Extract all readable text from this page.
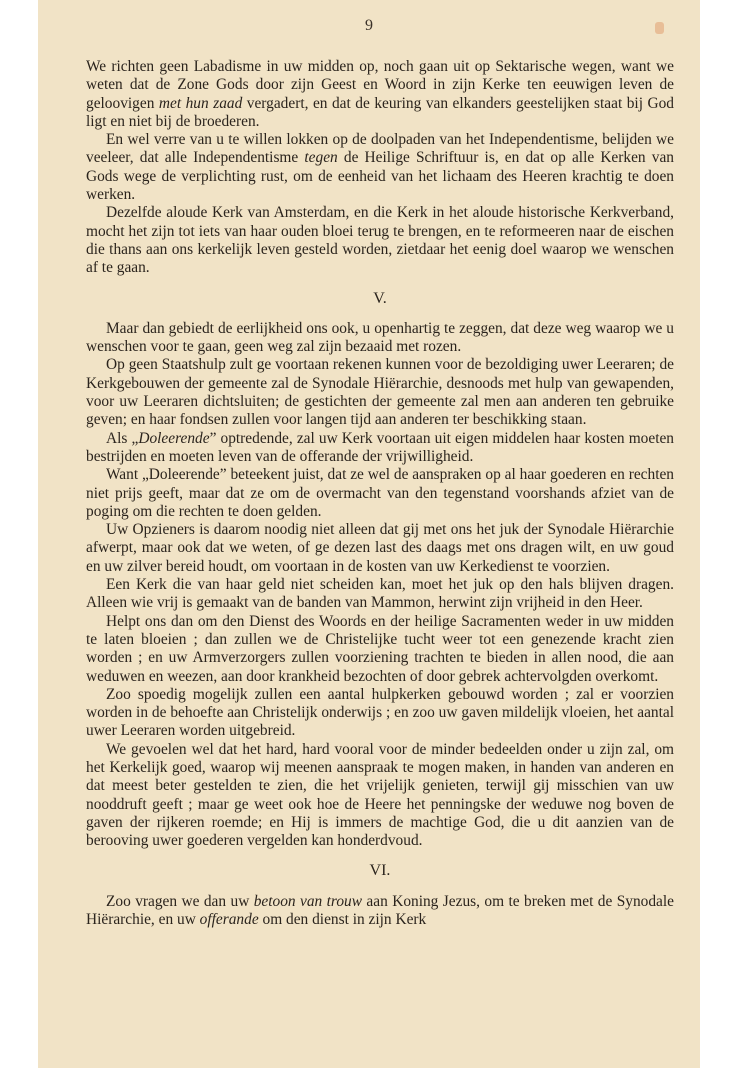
9

We richten geen Labadisme in uw midden op, noch gaan uit op Sektarische wegen, want we weten dat de Zone Gods door zijn Geest en Woord in zijn Kerke ten eeuwigen leven de geloovigen met hun zaad vergadert, en dat de keuring van elkanders geestelijken staat bij God ligt en niet bij de broederen.

En wel verre van u te willen lokken op de doolpaden van het Independentisme, belijden we veeleer, dat alle Independentisme tegen de Heilige Schriftuur is, en dat op alle Kerken van Gods wege de verplichting rust, om de eenheid van het lichaam des Heeren krachtig te doen werken.

Dezelfde aloude Kerk van Amsterdam, en die Kerk in het aloude historische Kerkverband, mocht het zijn tot iets van haar ouden bloei terug te brengen, en te reformeeren naar de eischen die thans aan ons kerkelijk leven gesteld worden, zietdaar het eenig doel waarop we wenschen af te gaan.

V.

Maar dan gebiedt de eerlijkheid ons ook, u openhartig te zeggen, dat deze weg waarop we u wenschen voor te gaan, geen weg zal zijn bezaaid met rozen.

Op geen Staatshulp zult ge voortaan rekenen kunnen voor de bezoldiging uwer Leeraren; de Kerkgebouwen der gemeente zal de Synodale Hiërarchie, desnoods met hulp van gewapenden, voor uw Leeraren dichtsluiten; de gestichten der gemeente zal men aan anderen ten gebruike geven; en haar fondsen zullen voor langen tijd aan anderen ter beschikking staan.

Als „Doleerende” optredende, zal uw Kerk voortaan uit eigen middelen haar kosten moeten bestrijden en moeten leven van de offerande der vrijwilligheid.

Want „Doleerende” beteekent juist, dat ze wel de aanspraken op al haar goederen en rechten niet prijs geeft, maar dat ze om de overmacht van den tegenstand voorshands afziet van de poging om die rechten te doen gelden.

Uw Opzieners is daarom noodig niet alleen dat gij met ons het juk der Synodale Hiërarchie afwerpt, maar ook dat we weten, of ge dezen last des daags met ons dragen wilt, en uw goud en uw zilver bereid houdt, om voortaan in de kosten van uw Kerkedienst te voorzien.

Een Kerk die van haar geld niet scheiden kan, moet het juk op den hals blijven dragen. Alleen wie vrij is gemaakt van de banden van Mammon, herwint zijn vrijheid in den Heer.

Helpt ons dan om den Dienst des Woords en der heilige Sacramenten weder in uw midden te laten bloeien ; dan zullen we de Christelijke tucht weer tot een genezende kracht zien worden ; en uw Armverzorgers zullen voorziening trachten te bieden in allen nood, die aan weduwen en weezen, aan door krankheid bezochten of door gebrek achtervolgden overkomt.

Zoo spoedig mogelijk zullen een aantal hulpkerken gebouwd worden ; zal er voorzien worden in de behoefte aan Christelijk onderwijs ; en zoo uw gaven mildelijk vloeien, het aantal uwer Leeraren worden uitgebreid.

We gevoelen wel dat het hard, hard vooral voor de minder bedeelden onder u zijn zal, om het Kerkelijk goed, waarop wij meenen aanspraak te mogen maken, in handen van anderen en dat meest beter gestelden te zien, die het vrijelijk genieten, terwijl gij misschien van uw nooddruft geeft ; maar ge weet ook hoe de Heere het penningske der weduwe nog boven de gaven der rijkeren roemde; en Hij is immers de machtige God, die u dit aanzien van de berooving uwer goederen vergelden kan honderdvoud.

VI.

Zoo vragen we dan uw betoon van trouw aan Koning Jezus, om te breken met de Synodale Hiërarchie, en uw offerande om den dienst in zijn Kerk
